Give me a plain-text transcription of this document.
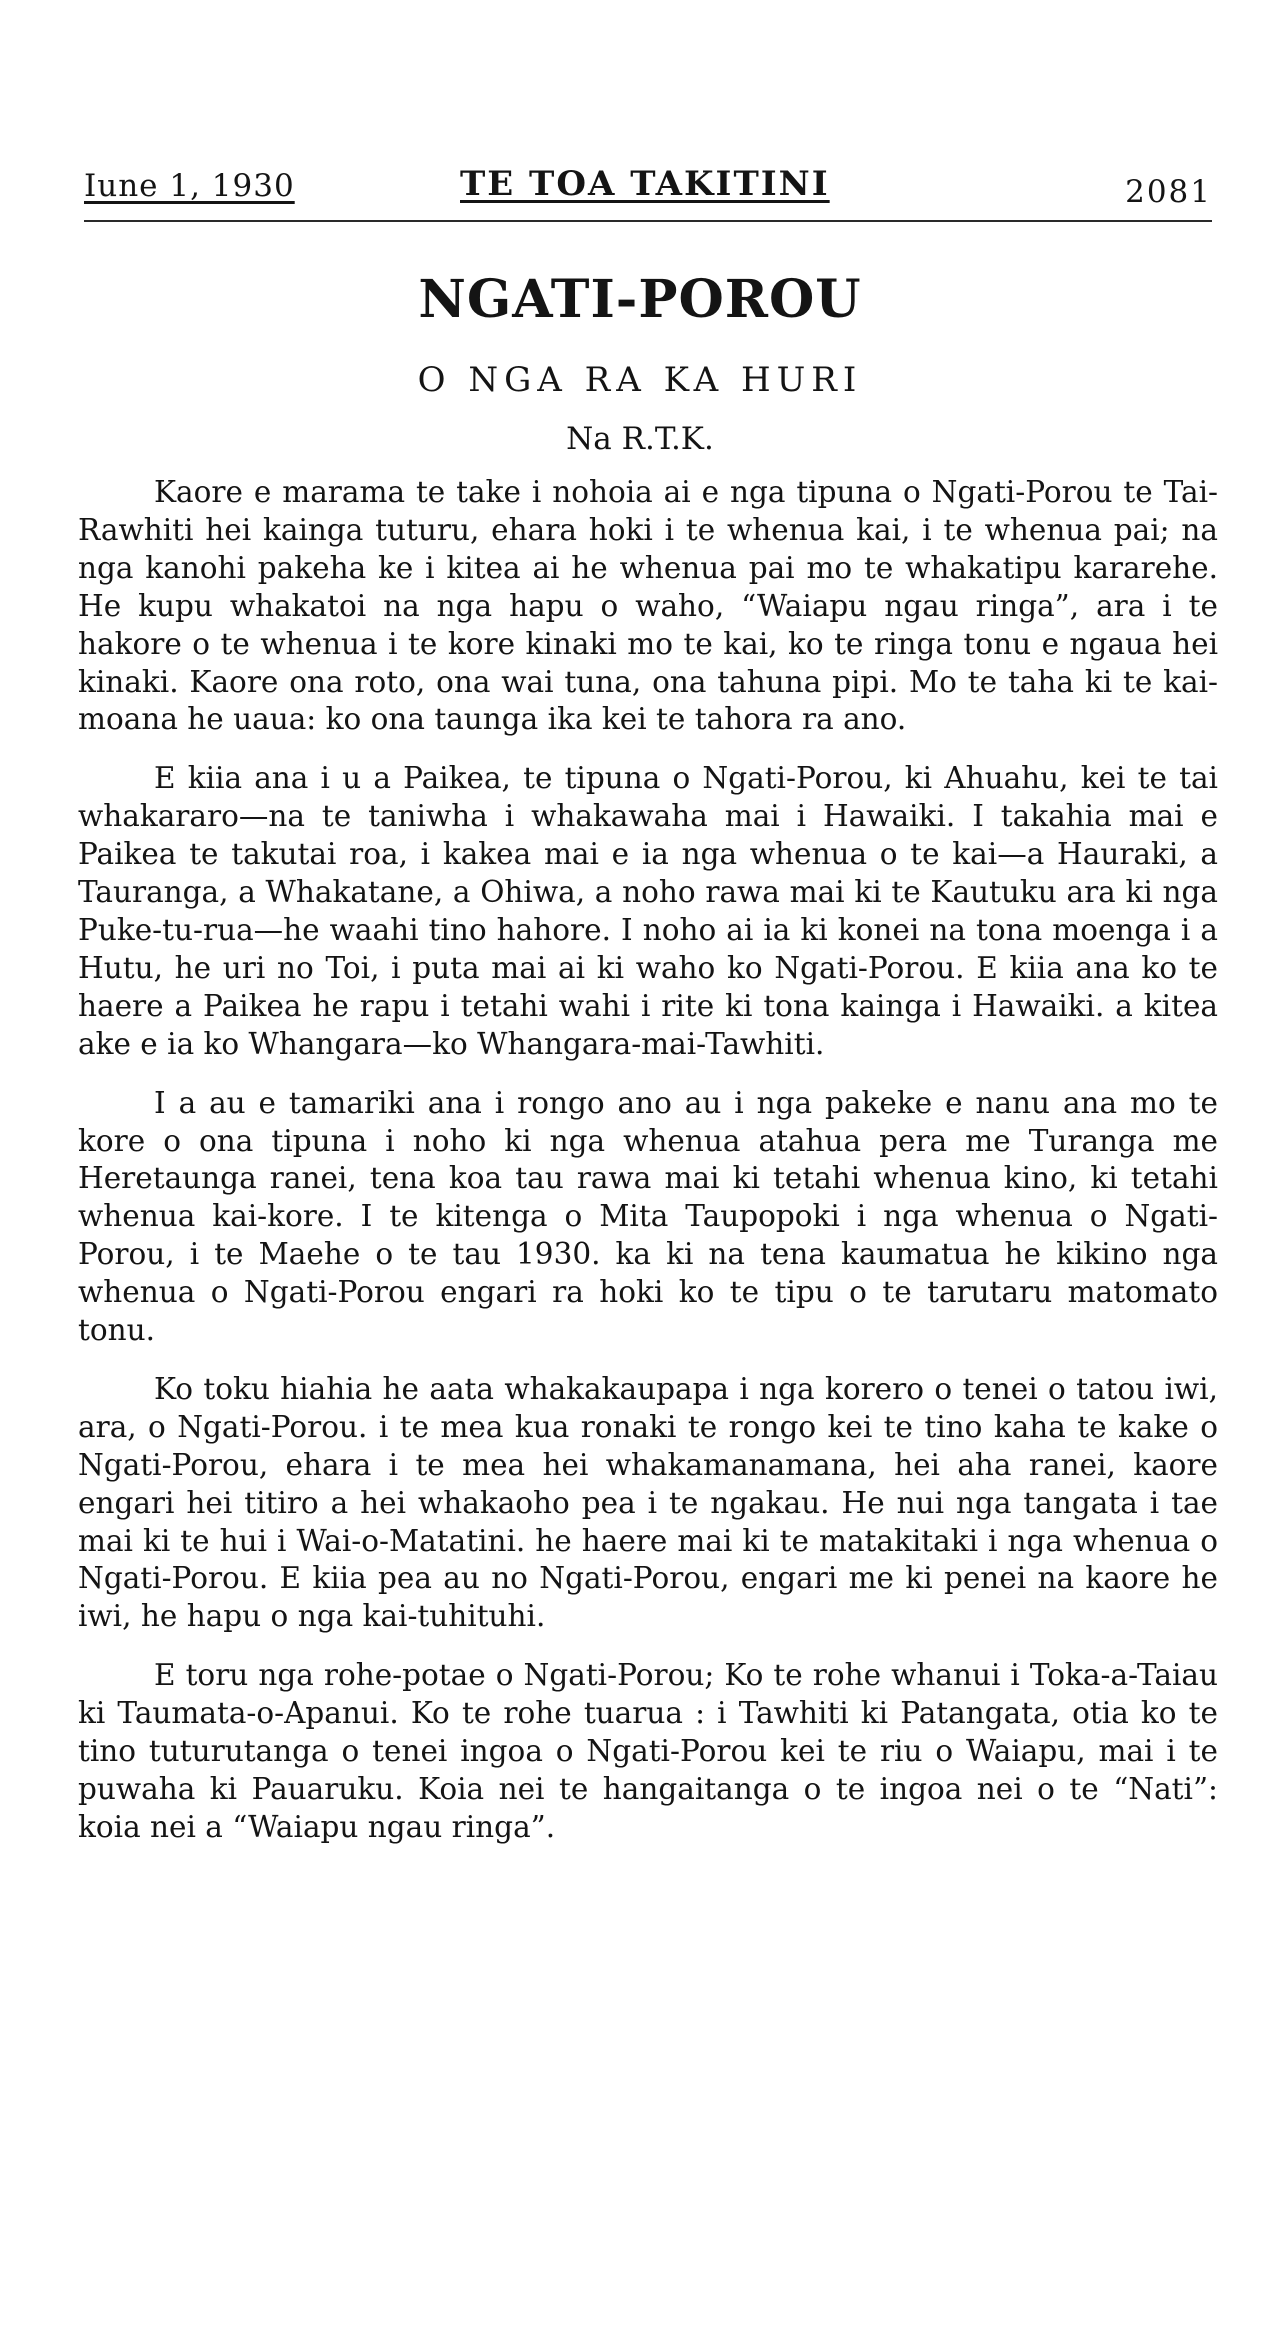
Iune 1, 1930	TE TOA TAKITINI	2081
NGATI-POROU
O NGA RA KA HURI
Na R.T.K.

Kaore e marama te take i nohoia ai e nga tipuna o Ngati-Porou te Tai-Rawhiti hei kainga tuturu, ehara hoki i te whenua kai, i te whenua pai; na nga kanohi pakeha ke i kitea ai he whenua pai mo te whakatipu kararehe. He kupu whakatoi na nga hapu o waho, “Waiapu ngau ringa”, ara i te hakore o te whenua i te kore kinaki mo te kai, ko te ringa tonu e ngaua hei kinaki. Kaore ona roto, ona wai tuna, ona tahuna pipi. Mo te taha ki te kai-moana he uaua: ko ona taunga ika kei te tahora ra ano.

E kiia ana i u a Paikea, te tipuna o Ngati-Porou, ki Ahuahu, kei te tai whakararo—na te taniwha i whakawaha mai i Hawaiki. I takahia mai e Paikea te takutai roa, i kakea mai e ia nga whenua o te kai—a Hauraki, a Tauranga, a Whakatane, a Ohiwa, a noho rawa mai ki te Kautuku ara ki nga Puke-tu-rua—he waahi tino hahore. I noho ai ia ki konei na tona moenga i a Hutu, he uri no Toi, i puta mai ai ki waho ko Ngati-Porou. E kiia ana ko te haere a Paikea he rapu i tetahi wahi i rite ki tona kainga i Hawaiki. a kitea ake e ia ko Whangara—ko Whangara-mai-Tawhiti.

I a au e tamariki ana i rongo ano au i nga pakeke e nanu ana mo te kore o ona tipuna i noho ki nga whenua atahua pera me Turanga me Heretaunga ranei, tena koa tau rawa mai ki tetahi whenua kino, ki tetahi whenua kai-kore. I te kitenga o Mita Taupopoki i nga whenua o Ngati-Porou, i te Maehe o te tau 1930. ka ki na tena kaumatua he kikino nga whenua o Ngati-Porou engari ra hoki ko te tipu o te tarutaru matomato tonu.

Ko toku hiahia he aata whakakaupapa i nga korero o tenei o tatou iwi, ara, o Ngati-Porou. i te mea kua ronaki te rongo kei te tino kaha te kake o Ngati-Porou, ehara i te mea hei whakamanamana, hei aha ranei, kaore engari hei titiro a hei whakaoho pea i te ngakau. He nui nga tangata i tae mai ki te hui i Wai-o-Matatini. he haere mai ki te matakitaki i nga whenua o Ngati-Porou. E kiia pea au no Ngati-Porou, engari me ki penei na kaore he iwi, he hapu o nga kai-tuhituhi.

E toru nga rohe-potae o Ngati-Porou; Ko te rohe whanui i Toka-a-Taiau ki Taumata-o-Apanui. Ko te rohe tuarua : i Tawhiti ki Patangata, otia ko te tino tuturutanga o tenei ingoa o Ngati-Porou kei te riu o Waiapu, mai i te puwaha ki Pauaruku. Koia nei te hangaitanga o te ingoa nei o te “Nati”: koia nei a “Waiapu ngau ringa”.
